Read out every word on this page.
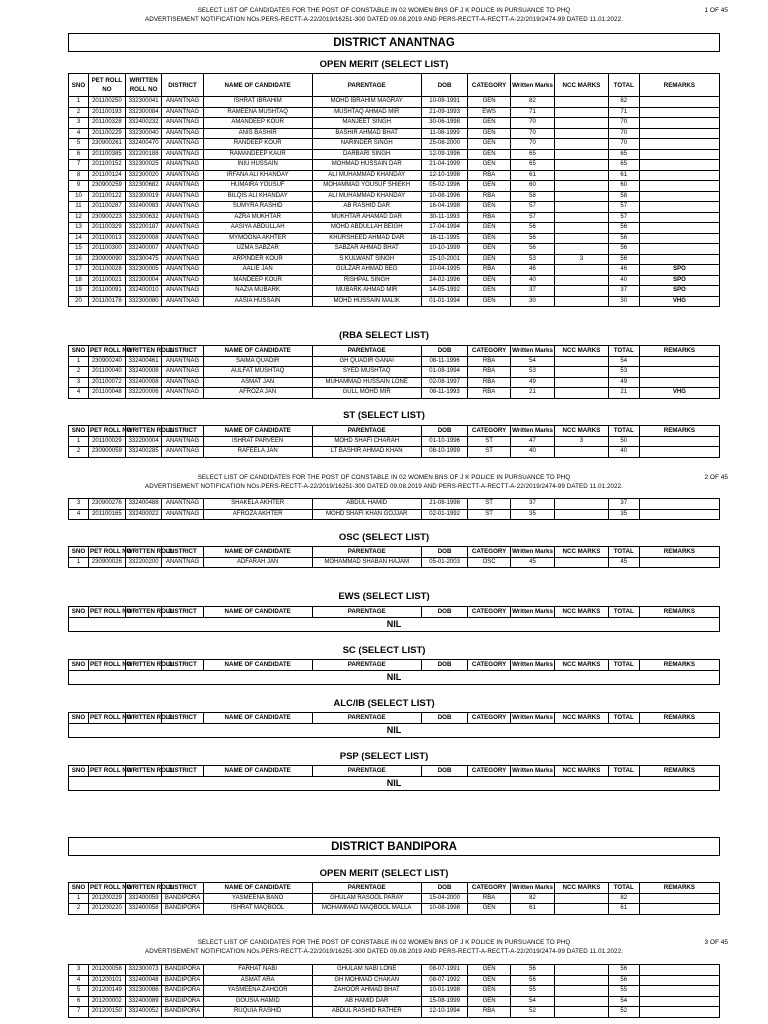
SELECT LIST OF CANDIDATES FOR THE POST OF CONSTABLE IN 02 WOMEN BNS OF J K POLICE IN PURSUANCE TO PHQ
ADVERTISEMENT NOTIFICATION NOs.PERS-RECTT-A-22/2019/16251-300 DATED 09.08.2019 AND PERS-RECTT-A-RECTT-A-22/2019/2474-99 DATED 11.01.2022.
1 OF 45
DISTRICT ANANTNAG
OPEN MERIT (SELECT LIST)
SNO	PET ROLL NO	WRITTEN ROLL NO	DISTRICT	NAME OF CANDIDATE	PARENTAGE	DOB	CATEGORY	Written Marks	NCC MARKS	TOTAL	REMARKS
1	201100250	332300041	ANANTNAG	ISHRAT IBRAHIM	MOHD IBRAHIM MAGRAY	10-08-1991	GEN	82		82	
2	201100193	332300084	ANANTNAG	RAMEENA MUSHTAQ	MUSHTAQ AHMAD MIR	21-09-1993	EWS	71		71	
3	201100328	332400232	ANANTNAG	AMANDEEP KOUR	MANJEET SINGH	30-06-1998	GEN	70		70	
4	201100229	332300040	ANANTNAG	ANIS BASHIR	BASHIR AHMAD BHAT	11-08-1999	GEN	70		70	
5	230900261	332400470	ANANTNAG	RANDEEP KOUR	NARINDER SINGH	25-08-2000	GEN	70		70	
6	201100385	332200188	ANANTNAG	RAMANDEEP KAUR	DARBARI SINGH	12-09-1996	GEN	65		65	
7	201100152	332300025	ANANTNAG	INIU HUSSAIN	MOHMAD HUSSAIN DAR	21-04-1999	GEN	65		65	
8	201100124	332300020	ANANTNAG	IRFANA ALI KHANDAY	ALI MUHAMMAD KHANDAY	12-10-1998	RBA	61		61	
9	230900259	332300682	ANANTNAG	HUMAIRA YOUSUF	MOHAMMAD YOUSUF SHIEKH	05-02-1996	GEN	60		60	
10	201100122	332300019	ANANTNAG	BILQIS ALI KHANDAY	ALI MUHAMMAD KHANDAY	10-08-1996	RBA	58		58	
11	201100287	332400083	ANANTNAG	SUMYRA RASHID	AB RASHID DAR	16-04-1998	GEN	57		57	
12	230900223	332300632	ANANTNAG	AZRA MUKHTAR	MUKHTAR AHAMAD DAR	30-11-1993	RBA	57		57	
13	201100329	332200187	ANANTNAG	AASIYA ABDULLAH	MOHD ABDULLAH BEIGH	17-04-1994	GEN	56		56	
14	201100013	332200008	ANANTNAG	MYMOONA AKHTER	KHURSHEED AHMAD DAR	16-11-1995	GEN	56		56	
15	201100300	332400007	ANANTNAG	UZMA SABZAR	SABZAR AHMAD BHAT	10-10-1999	GEN	56		56	
16	230900090	332300475	ANANTNAG	ARPINDER KOUR	S KULWANT SINGH	15-10-2001	GEN	53	3	56	
17	201100028	332300005	ANANTNAG	AALIE JAN	GULZAR AHMAD BEG	10-04-1995	RBA	46		46	SPO
18	201100021	332300004	ANANTNAG	MANDEEP KOUR	RISHPAL SINGH	24-02-1996	GEN	40		40	SPO
19	201100091	332400010	ANANTNAG	NAZIA MUBARK	MUBARK AHMAD MIR	14-05-1992	GEN	37		37	SPO
20	201100178	332300080	ANANTNAG	AASIA HUSSAIN	MOHD HUSSAIN MALIK	01-01-1994	GEN	30		30	VHG
(RBA SELECT LIST)
SNO	PET ROLL NO	WRITTEN ROLL	DISTRICT	NAME OF CANDIDATE	PARENTAGE	DOB	CATEGORY	Written Marks	NCC MARKS	TOTAL	REMARKS
1	230900240	332400461	ANANTNAG	SAIMA QUADIR	GH QUADIR GANAI	08-11-1996	RBA	54		54	
2	201100040	332400008	ANANTNAG	AULFAT MUSHTAQ	SYED MUSHTAQ	01-08-1994	RBA	53		53	
3	201100072	332400008	ANANTNAG	ASMAT JAN	MUHAMMAD HUSSAIN LONE	02-08-1997	RBA	49		49	
4	201100048	332200006	ANANTNAG	AFROZA JAN	GULL MOHD MIR	08-11-1993	RBA	21		21	VHG
ST (SELECT LIST)
SNO	PET ROLL NO	WRITTEN ROLL	DISTRICT	NAME OF CANDIDATE	PARENTAGE	DOB	CATEGORY	Written Marks	NCC MARKS	TOTAL	REMARKS
1	201100029	332200004	ANANTNAG	ISHRAT PARVEEN	MOHD SHAFI CHARAH	01-10-1996	ST	47	3	50	
2	230900059	332400285	ANANTNAG	RAFEELA JAN	LT BASHIR AHMAD KHAN	08-10-1999	ST	40		40	
SELECT LIST OF CANDIDATES FOR THE POST OF CONSTABLE IN 02 WOMEN BNS OF J K POLICE IN PURSUANCE TO PHQ
ADVERTISEMENT NOTIFICATION NOs.PERS-RECTT-A-22/2019/16251-300 DATED 09.08.2019 AND PERS-RECTT-A-RECTT-A-22/2019/2474-99 DATED 11.01.2022.
2 OF 45
3	230900276	332400488	ANANTNAG	SHAKELA AKHTER	ABDUL HAMID	21-08-1998	ST	37		37	
4	201100165	332400022	ANANTNAG	AFROZA AKHTER	MOHD SHAFI KHAN GOJJAR	02-01-1992	ST	35		35	
OSC (SELECT LIST)
SNO	PET ROLL NO	WRITTEN ROLL	DISTRICT	NAME OF CANDIDATE	PARENTAGE	DOB	CATEGORY	Written Marks	NCC MARKS	TOTAL	REMARKS
1	230900026	332200200	ANANTNAG	ADFARAH JAN	MOHAMMAD SHABAN HAJAM	05-01-2003	OSC	45		45	
EWS (SELECT LIST)
SNO	PET ROLL NO	WRITTEN ROLL	DISTRICT	NAME OF CANDIDATE	PARENTAGE	DOB	CATEGORY	Written Marks	NCC MARKS	TOTAL	REMARKS
NIL
SC (SELECT LIST)
SNO	PET ROLL NO	WRITTEN ROLL	DISTRICT	NAME OF CANDIDATE	PARENTAGE	DOB	CATEGORY	Written Marks	NCC MARKS	TOTAL	REMARKS
NIL
ALC/IB (SELECT LIST)
SNO	PET ROLL NO	WRITTEN ROLL	DISTRICT	NAME OF CANDIDATE	PARENTAGE	DOB	CATEGORY	Written Marks	NCC MARKS	TOTAL	REMARKS
NIL
PSP (SELECT LIST)
SNO	PET ROLL NO	WRITTEN ROLL	DISTRICT	NAME OF CANDIDATE	PARENTAGE	DOB	CATEGORY	Written Marks	NCC MARKS	TOTAL	REMARKS
NIL
DISTRICT BANDIPORA
OPEN MERIT (SELECT LIST)
SNO	PET ROLL NO	WRITTEN ROLL	DISTRICT	NAME OF CANDIDATE	PARENTAGE	DOB	CATEGORY	Written Marks	NCC MARKS	TOTAL	REMARKS
1	201200229	332400059	BANDIPORA	YASMEENA BANO	GHULAM RASOOL PARAY	15-04-2000	RBA	82		82	
2	201200220	332400058	BANDIPORA	ISHRAT MAQBOOL	MOHAMMAD MAQBOOL MALLA	10-08-1998	GEN	61		61	
SELECT LIST OF CANDIDATES FOR THE POST OF CONSTABLE IN 02 WOMEN BNS OF J K POLICE IN PURSUANCE TO PHQ
ADVERTISEMENT NOTIFICATION NOs.PERS-RECTT-A-22/2019/16251-300 DATED 09.08.2019 AND PERS-RECTT-A-RECTT-A-22/2019/2474-99 DATED 11.01.2022.
3 OF 45
3	201200058	332300073	BANDIPORA	FARHAT NABI	GHULAM NABI LONE	08-07-1991	GEN	56		56	
4	201200101	332400048	BANDIPORA	ASMAT ARA	GH MOHMAD CHAKAN	08-07-1992	GEN	56		56	
5	201200149	332300086	BANDIPORA	YASMEENA ZAHOOR	ZAHOOR AHMAD BHAT	10-01-1998	GEN	55		55	
6	201200002	332400089	BANDIPORA	GOUSIA HAMID	AB HAMID DAR	15-08-1999	GEN	54		54	
7	201200150	332400052	BANDIPORA	RUQUIA RASHID	ABDUL RASHID RATHER	12-10-1994	RBA	52		52	
